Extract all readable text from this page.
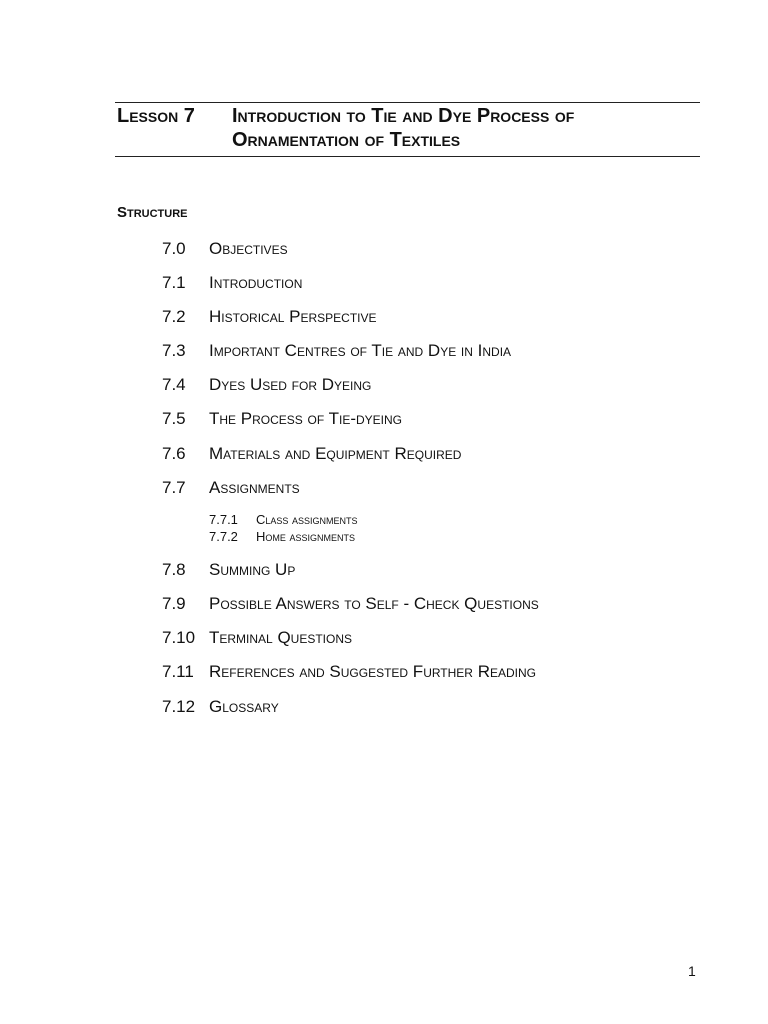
Lesson 7 Introduction to Tie and Dye Process of Ornamentation of Textiles
Structure
7.0 Objectives
7.1 Introduction
7.2 Historical Perspective
7.3 Important Centres of Tie and Dye in India
7.4 Dyes Used for Dyeing
7.5 The Process of Tie-dyeing
7.6 Materials and Equipment Required
7.7 Assignments
7.7.1 Class assignments
7.7.2 Home assignments
7.8 Summing Up
7.9 Possible Answers to Self - Check Questions
7.10 Terminal Questions
7.11 References and Suggested Further Reading
7.12 Glossary
1
